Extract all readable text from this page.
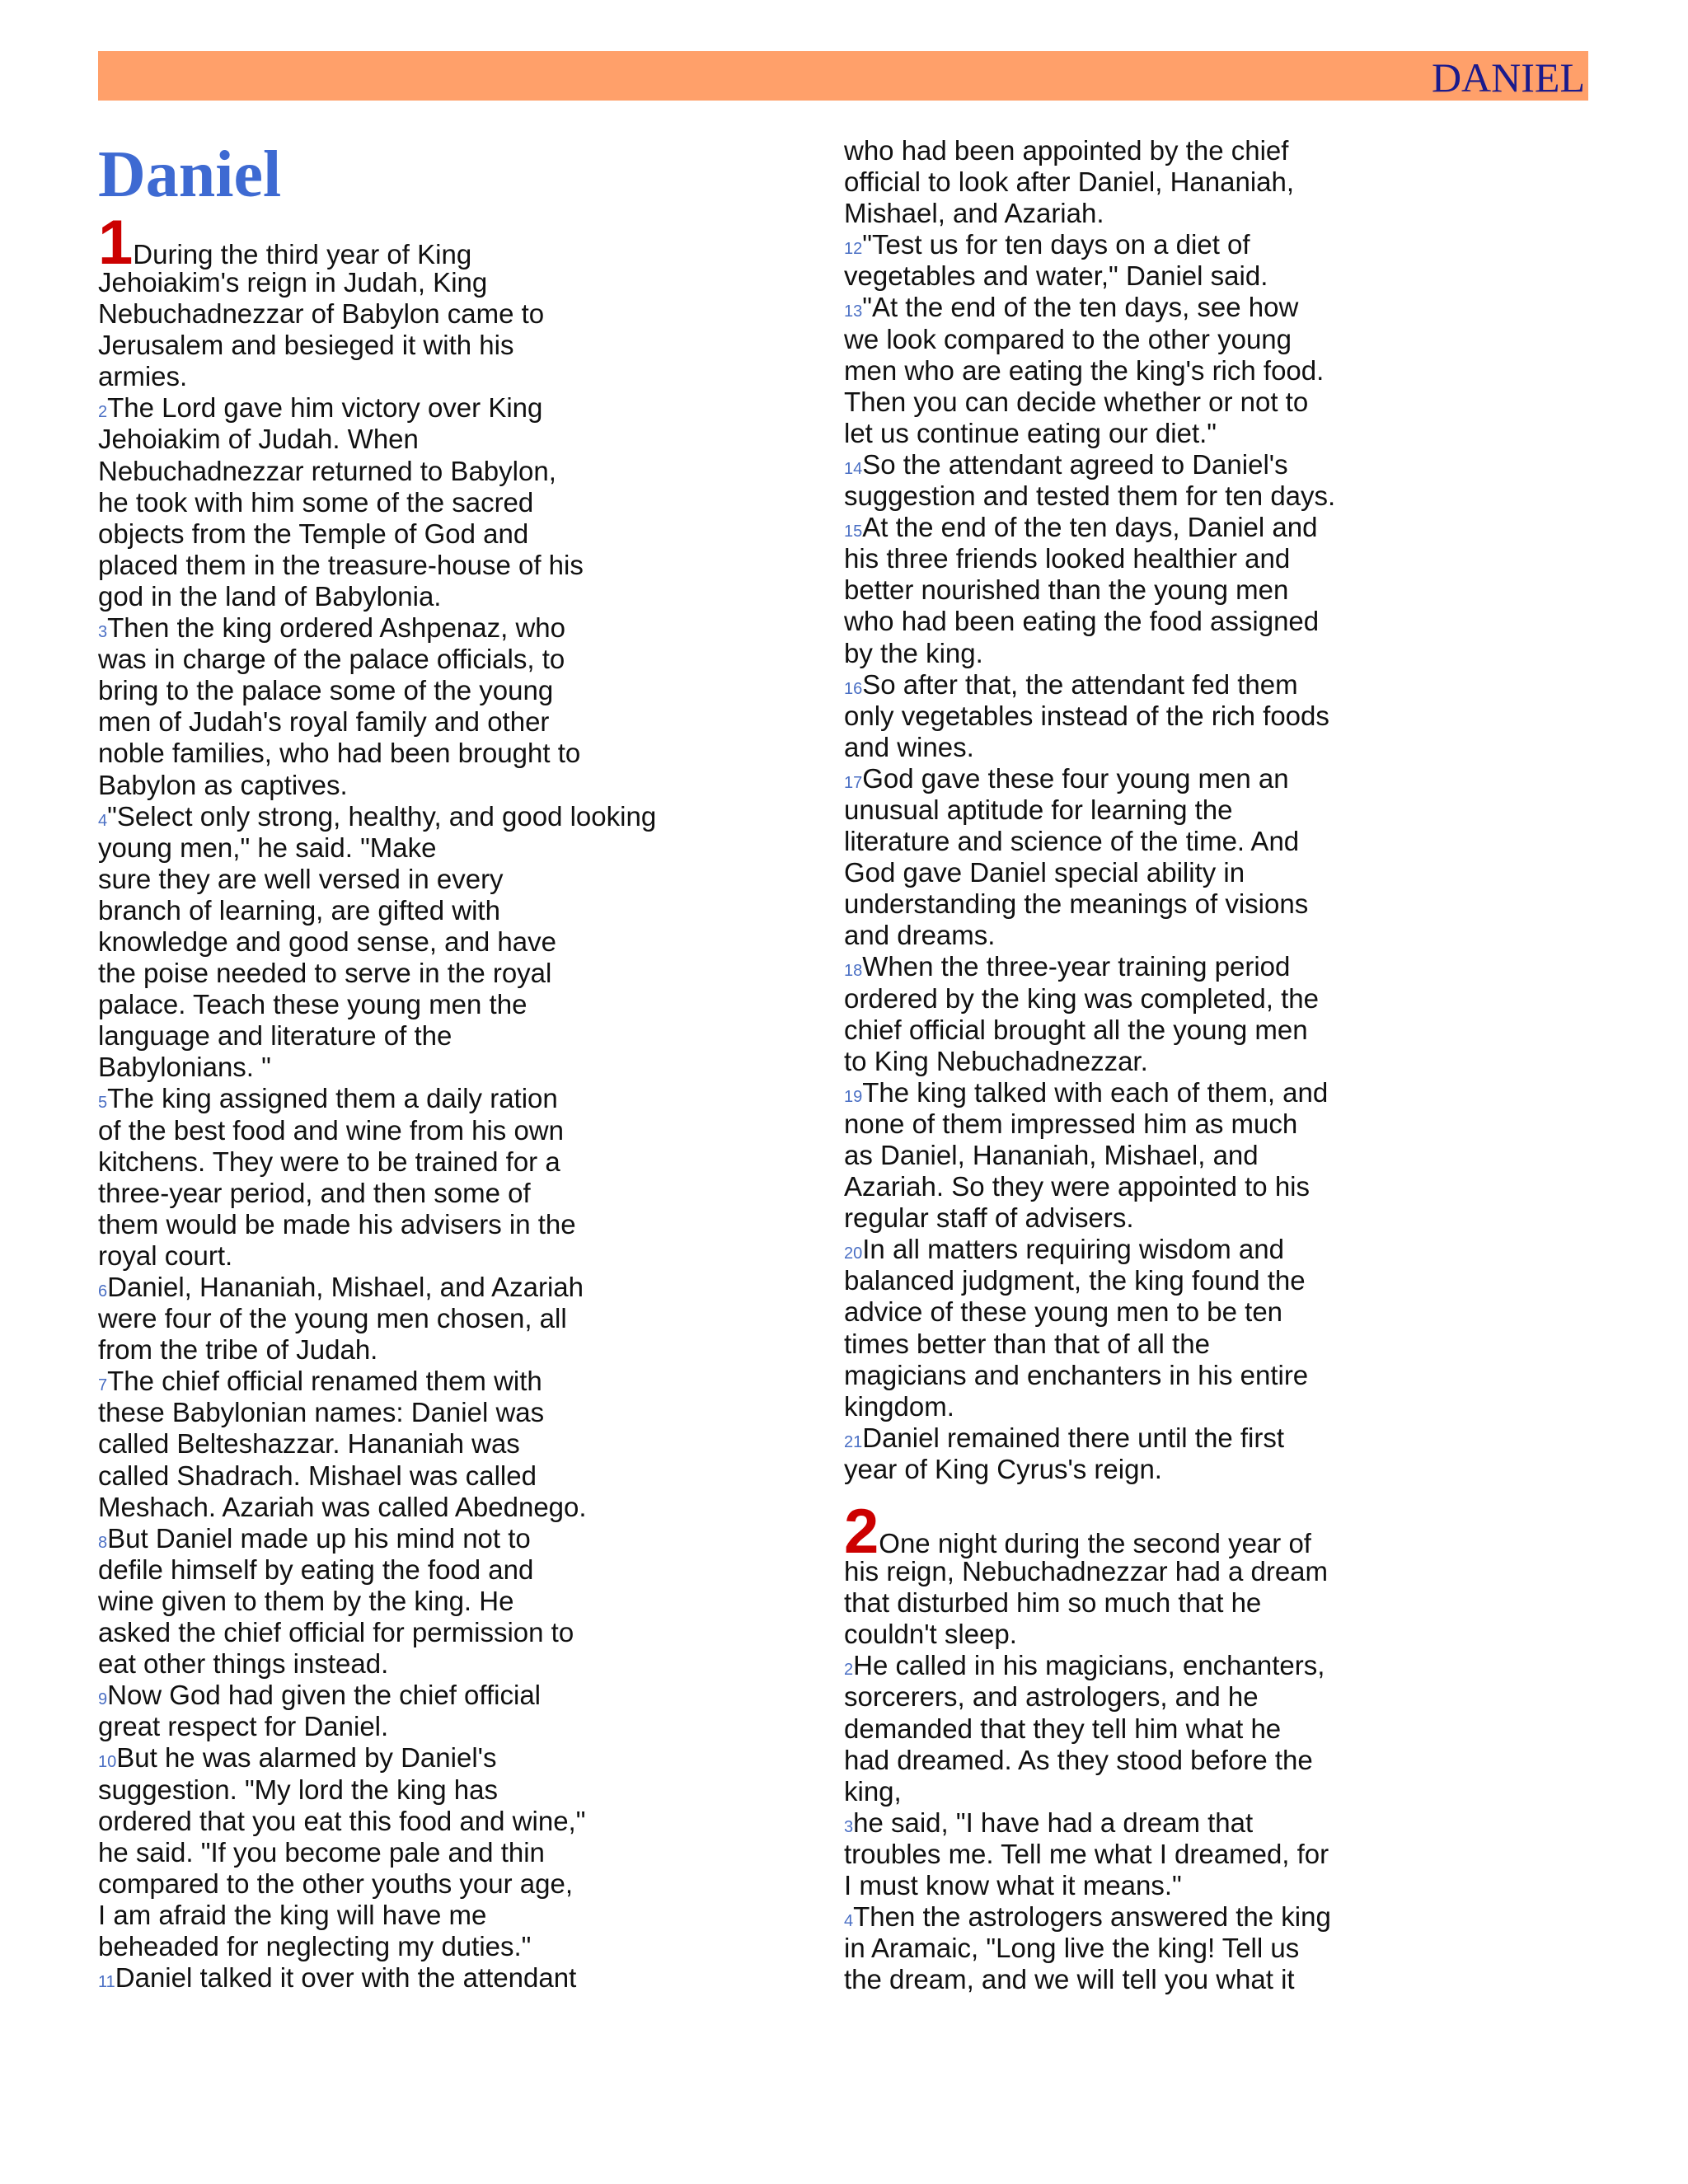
DANIEL
Daniel
1During the third year of King
Jehoiakim's reign in Judah, King
Nebuchadnezzar of Babylon came to
Jerusalem and besieged it with his
armies.
2The Lord gave him victory over King
Jehoiakim of Judah. When
Nebuchadnezzar returned to Babylon,
he took with him some of the sacred
objects from the Temple of God and
placed them in the treasure-house of his
god in the land of Babylonia.
3Then the king ordered Ashpenaz, who
was in charge of the palace officials, to
bring to the palace some of the young
men of Judah's royal family and other
noble families, who had been brought to
Babylon as captives.
4"Select only strong, healthy, and good looking
young men," he said. "Make
sure they are well versed in every
branch of learning, are gifted with
knowledge and good sense, and have
the poise needed to serve in the royal
palace. Teach these young men the
language and literature of the
Babylonians. "
5The king assigned them a daily ration
of the best food and wine from his own
kitchens. They were to be trained for a
three-year period, and then some of
them would be made his advisers in the
royal court.
6Daniel, Hananiah, Mishael, and Azariah
were four of the young men chosen, all
from the tribe of Judah.
7The chief official renamed them with
these Babylonian names: Daniel was
called Belteshazzar. Hananiah was
called Shadrach. Mishael was called
Meshach. Azariah was called Abednego.
8But Daniel made up his mind not to
defile himself by eating the food and
wine given to them by the king. He
asked the chief official for permission to
eat other things instead.
9Now God had given the chief official
great respect for Daniel.
10But he was alarmed by Daniel's
suggestion. "My lord the king has
ordered that you eat this food and wine,"
he said. "If you become pale and thin
compared to the other youths your age,
I am afraid the king will have me
beheaded for neglecting my duties."
11Daniel talked it over with the attendant
who had been appointed by the chief
official to look after Daniel, Hananiah,
Mishael, and Azariah.
12"Test us for ten days on a diet of
vegetables and water," Daniel said.
13"At the end of the ten days, see how
we look compared to the other young
men who are eating the king's rich food.
Then you can decide whether or not to
let us continue eating our diet."
14So the attendant agreed to Daniel's
suggestion and tested them for ten days.
15At the end of the ten days, Daniel and
his three friends looked healthier and
better nourished than the young men
who had been eating the food assigned
by the king.
16So after that, the attendant fed them
only vegetables instead of the rich foods
and wines.
17God gave these four young men an
unusual aptitude for learning the
literature and science of the time. And
God gave Daniel special ability in
understanding the meanings of visions
and dreams.
18When the three-year training period
ordered by the king was completed, the
chief official brought all the young men
to King Nebuchadnezzar.
19The king talked with each of them, and
none of them impressed him as much
as Daniel, Hananiah, Mishael, and
Azariah. So they were appointed to his
regular staff of advisers.
20In all matters requiring wisdom and
balanced judgment, the king found the
advice of these young men to be ten
times better than that of all the
magicians and enchanters in his entire
kingdom.
21Daniel remained there until the first
year of King Cyrus's reign.
2One night during the second year of
his reign, Nebuchadnezzar had a dream
that disturbed him so much that he
couldn't sleep.
2He called in his magicians, enchanters,
sorcerers, and astrologers, and he
demanded that they tell him what he
had dreamed. As they stood before the
king,
3he said, "I have had a dream that
troubles me. Tell me what I dreamed, for
I must know what it means."
4Then the astrologers answered the king
in Aramaic, "Long live the king! Tell us
the dream, and we will tell you what it
